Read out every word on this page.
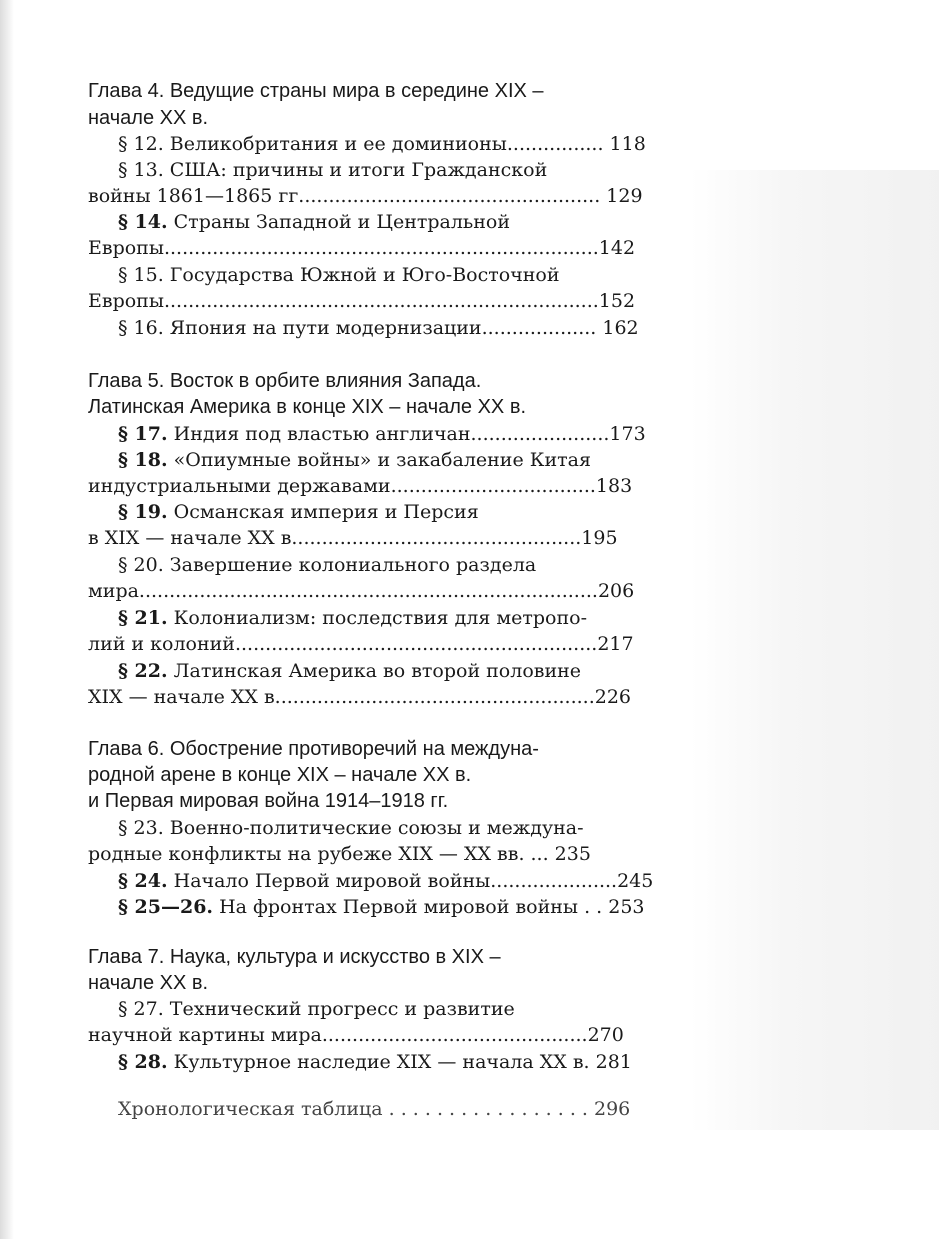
Глава 4. Ведущие страны мира в середине XIX –
начале XX в.
§ 12. Великобритания и ее доминионы................ 118
§ 13. США: причины и итоги Гражданской
войны 1861—1865 гг.................................................. 129
§ 14. Страны Западной и Центральной
Европы........................................................................142
§ 15. Государства Южной и Юго-Восточной
Европы........................................................................152
§ 16. Япония на пути модернизации................... 162
Глава 5. Восток в орбите влияния Запада.
Латинская Америка в конце XIX – начале XX в.
§ 17. Индия под властью англичан.......................173
§ 18. «Опиумные войны» и закабаление Китая
индустриальными державами..................................183
§ 19. Османская империя и Персия
в XIX — начале XX в................................................195
§ 20. Завершение колониального раздела
мира............................................................................206
§ 21. Колониализм: последствия для метропо-
лий и колоний............................................................217
§ 22. Латинская Америка во второй половине
XIX — начале XX в.....................................................226
Глава 6. Обострение противоречий на междуна-
родной арене в конце XIX – начале XX в.
и Первая мировая война 1914–1918 гг.
§ 23. Военно-политические союзы и междуна-
родные конфликты на рубеже XIX — XX вв. ... 235
§ 24. Начало Первой мировой войны.....................245
§ 25—26. На фронтах Первой мировой войны . . 253
Глава 7. Наука, культура и искусство в XIX –
начале XX в.
§ 27. Технический прогресс и развитие
научной картины мира............................................270
§ 28. Культурное наследие XIX — начала XX в. 281
Хронологическая таблица . . . . . . . . . . . . . . . . . 296
